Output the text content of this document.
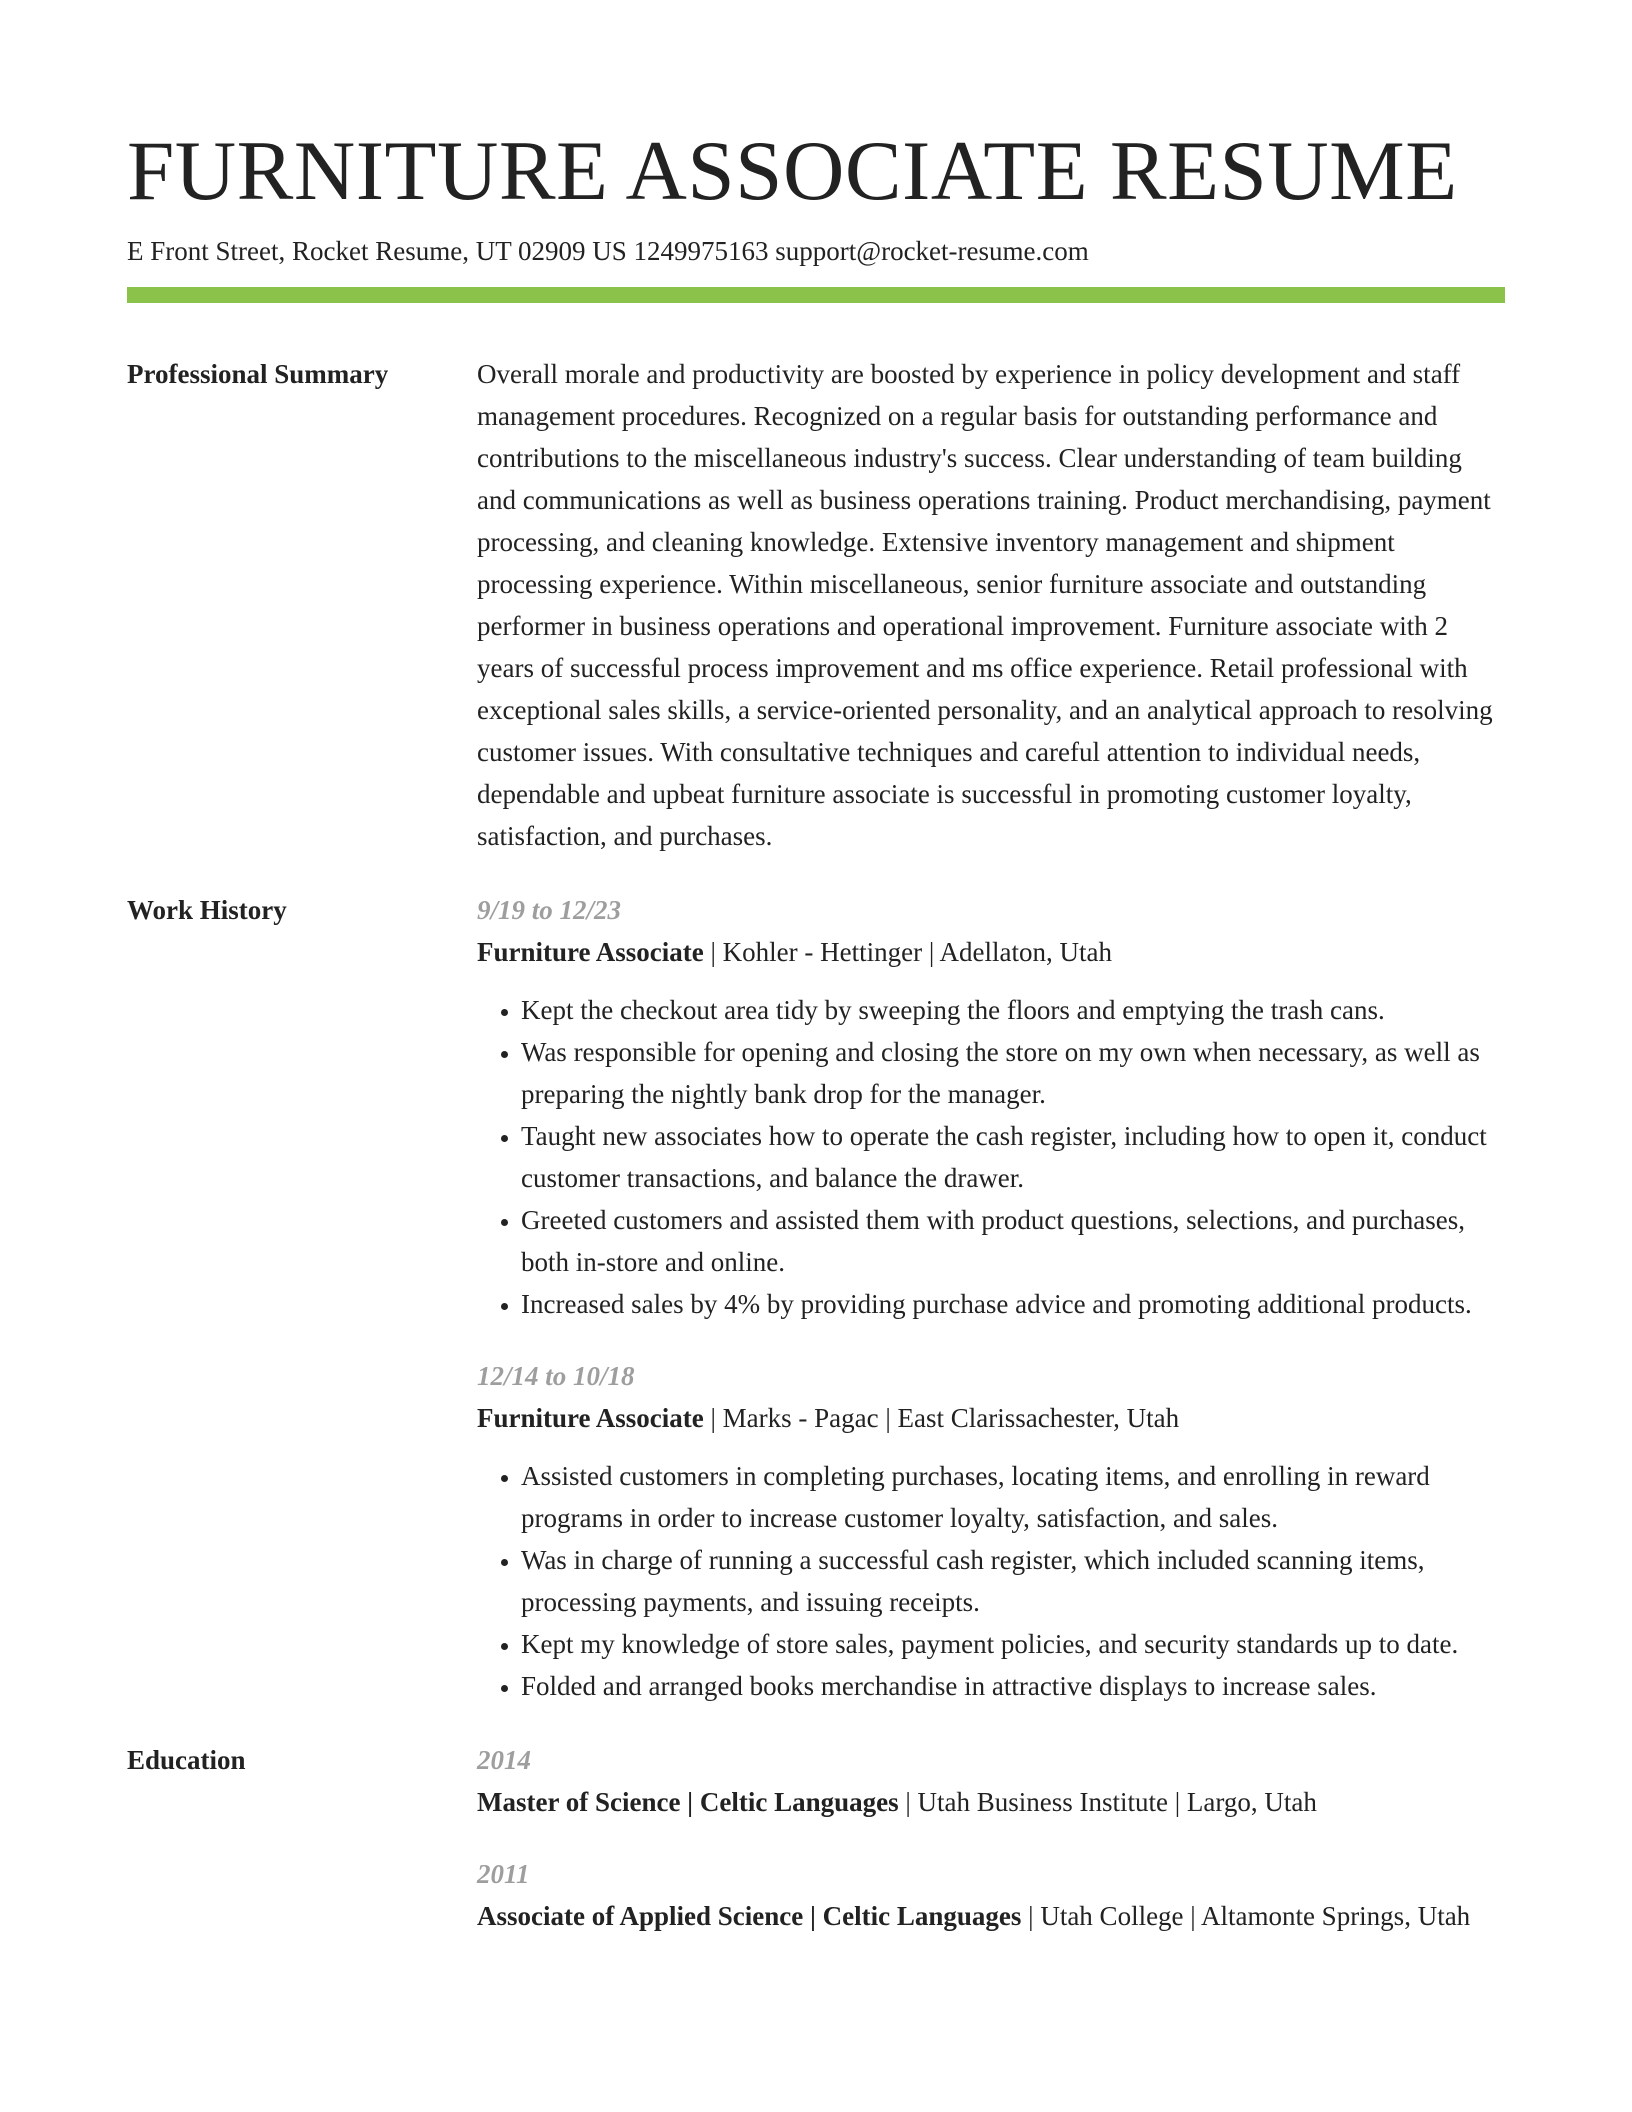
FURNITURE ASSOCIATE RESUME
E Front Street, Rocket Resume, UT 02909 US 1249975163 support@rocket-resume.com
Professional Summary	Overall morale and productivity are boosted by experience in policy development and staff management procedures. Recognized on a regular basis for outstanding performance and contributions to the miscellaneous industry's success. Clear understanding of team building and communications as well as business operations training. Product merchandising, payment processing, and cleaning knowledge. Extensive inventory management and shipment processing experience. Within miscellaneous, senior furniture associate and outstanding performer in business operations and operational improvement. Furniture associate with 2 years of successful process improvement and ms office experience. Retail professional with exceptional sales skills, a service-oriented personality, and an analytical approach to resolving customer issues. With consultative techniques and careful attention to individual needs, dependable and upbeat furniture associate is successful in promoting customer loyalty, satisfaction, and purchases.

Work History	9/19 to 12/23
Furniture Associate | Kohler - Hettinger | Adellaton, Utah
• Kept the checkout area tidy by sweeping the floors and emptying the trash cans.
• Was responsible for opening and closing the store on my own when necessary, as well as preparing the nightly bank drop for the manager.
• Taught new associates how to operate the cash register, including how to open it, conduct customer transactions, and balance the drawer.
• Greeted customers and assisted them with product questions, selections, and purchases, both in-store and online.
• Increased sales by 4% by providing purchase advice and promoting additional products.
12/14 to 10/18
Furniture Associate | Marks - Pagac | East Clarissachester, Utah
• Assisted customers in completing purchases, locating items, and enrolling in reward programs in order to increase customer loyalty, satisfaction, and sales.
• Was in charge of running a successful cash register, which included scanning items, processing payments, and issuing receipts.
• Kept my knowledge of store sales, payment policies, and security standards up to date.
• Folded and arranged books merchandise in attractive displays to increase sales.
Education	2014
Master of Science | Celtic Languages | Utah Business Institute | Largo, Utah
2011
Associate of Applied Science | Celtic Languages | Utah College | Altamonte Springs, Utah
